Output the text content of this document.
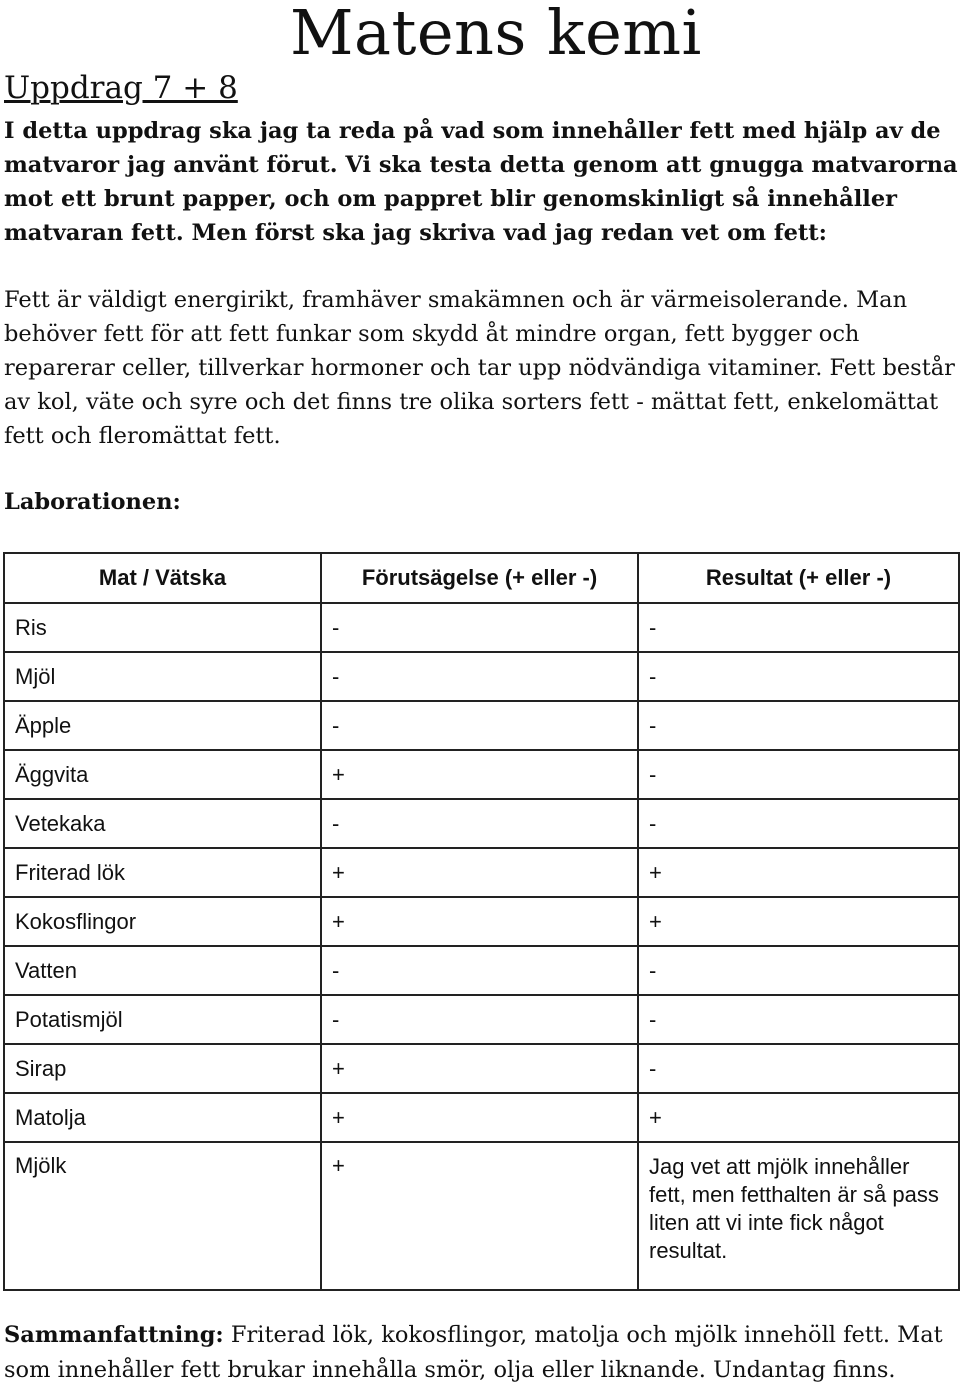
Matens kemi
Uppdrag 7 + 8

I detta uppdrag ska jag ta reda på vad som innehåller fett med hjälp av de matvaror jag använt förut. Vi ska testa detta genom att gnugga matvarorna mot ett brunt papper, och om pappret blir genomskinligt så innehåller matvaran fett. Men först ska jag skriva vad jag redan vet om fett:

Fett är väldigt energirikt, framhäver smakämnen och är värmeisolerande. Man behöver fett för att fett funkar som skydd åt mindre organ, fett bygger och reparerar celler, tillverkar hormoner och tar upp nödvändiga vitaminer. Fett består av kol, väte och syre och det finns tre olika sorters fett - mättat fett, enkelomättat fett och fleromättat fett.

Laborationen:

Mat / Vätska	Förutsägelse (+ eller -)	Resultat (+ eller -)
Ris	-	-
Mjöl	-	-
Äpple	-	-
Äggvita	+	-
Vetekaka	-	-
Friterad lök	+	+
Kokosflingor	+	+
Vatten	-	-
Potatismjöl	-	-
Sirap	+	-
Matolja	+	+
Mjölk	+	Jag vet att mjölk innehåller fett, men fetthalten är så pass liten att vi inte fick något resultat.

Sammanfattning: Friterad lök, kokosflingor, matolja och mjölk innehöll fett. Mat som innehåller fett brukar innehålla smör, olja eller liknande. Undantag finns.
